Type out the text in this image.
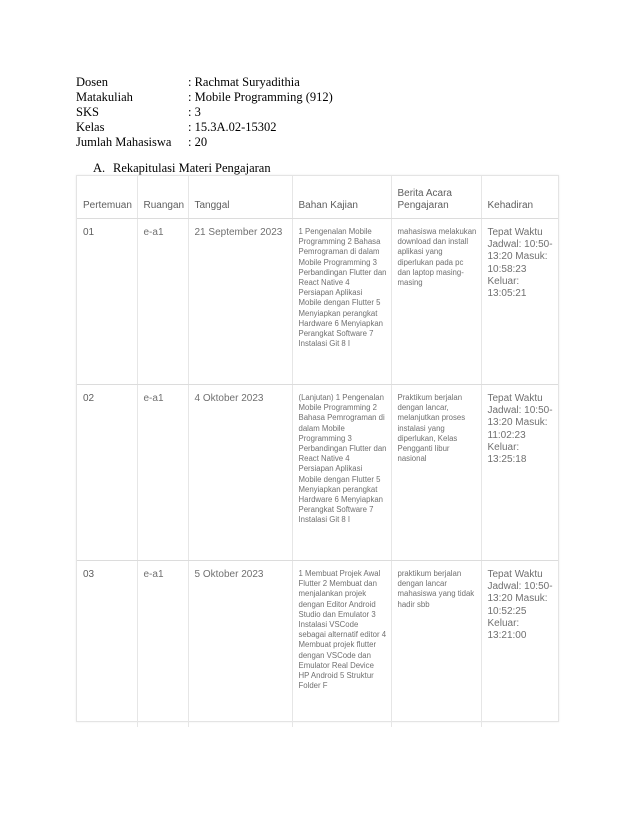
Dosen	: Rachmat Suryadithia
Matakuliah	: Mobile Programming (912)
SKS	: 3
Kelas	: 15.3A.02-15302
Jumlah Mahasiswa	: 20
A. Rekapitulasi Materi Pengajaran
Pertemuan	Ruangan	Tanggal	Bahan Kajian	Berita Acara Pengajaran	Kehadiran
01	e-a1	21 September 2023	1 Pengenalan Mobile Programming 2 Bahasa Pemrograman di dalam Mobile Programming 3 Perbandingan Flutter dan React Native 4 Persiapan Aplikasi Mobile dengan Flutter 5 Menyiapkan perangkat Hardware 6 Menyiapkan Perangkat Software 7 Instalasi Git 8 I	mahasiswa melakukan download dan install aplikasi yang diperlukan pada pc dan laptop masing-masing	Tepat Waktu Jadwal: 10:50-13:20 Masuk: 10:58:23 Keluar: 13:05:21
02	e-a1	4 Oktober 2023	(Lanjutan) 1 Pengenalan Mobile Programming 2 Bahasa Pemrograman di dalam Mobile Programming 3 Perbandingan Flutter dan React Native 4 Persiapan Aplikasi Mobile dengan Flutter 5 Menyiapkan perangkat Hardware 6 Menyiapkan Perangkat Software 7 Instalasi Git 8 I	Praktikum berjalan dengan lancar, melanjutkan proses instalasi yang diperlukan, Kelas Pengganti libur nasional	Tepat Waktu Jadwal: 10:50-13:20 Masuk: 11:02:23 Keluar: 13:25:18
03	e-a1	5 Oktober 2023	1 Membuat Projek Awal Flutter 2 Membuat dan menjalankan projek dengan Editor Android Studio dan Emulator 3 Instalasi VSCode sebagai alternatif editor 4 Membuat projek flutter dengan VSCode dan Emulator Real Device HP Android 5 Struktur Folder F	praktikum berjalan dengan lancar mahasiswa yang tidak hadir sbb	Tepat Waktu Jadwal: 10:50-13:20 Masuk: 10:52:25 Keluar: 13:21:00
